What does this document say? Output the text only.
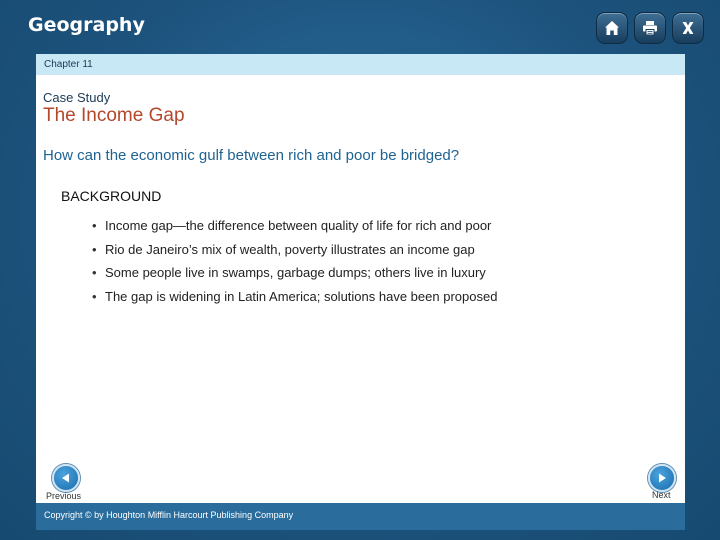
Geography
Chapter 11
Case Study
The Income Gap
How can the economic gulf between rich and poor be bridged?
BACKGROUND
• Income gap—the difference between quality of life for rich and poor
• Rio de Janeiro’s mix of wealth, poverty illustrates an income gap
• Some people live in swamps, garbage dumps; others live in luxury
• The gap is widening in Latin America; solutions have been proposed
Previous	Next
Copyright © by Houghton Mifflin Harcourt Publishing Company
